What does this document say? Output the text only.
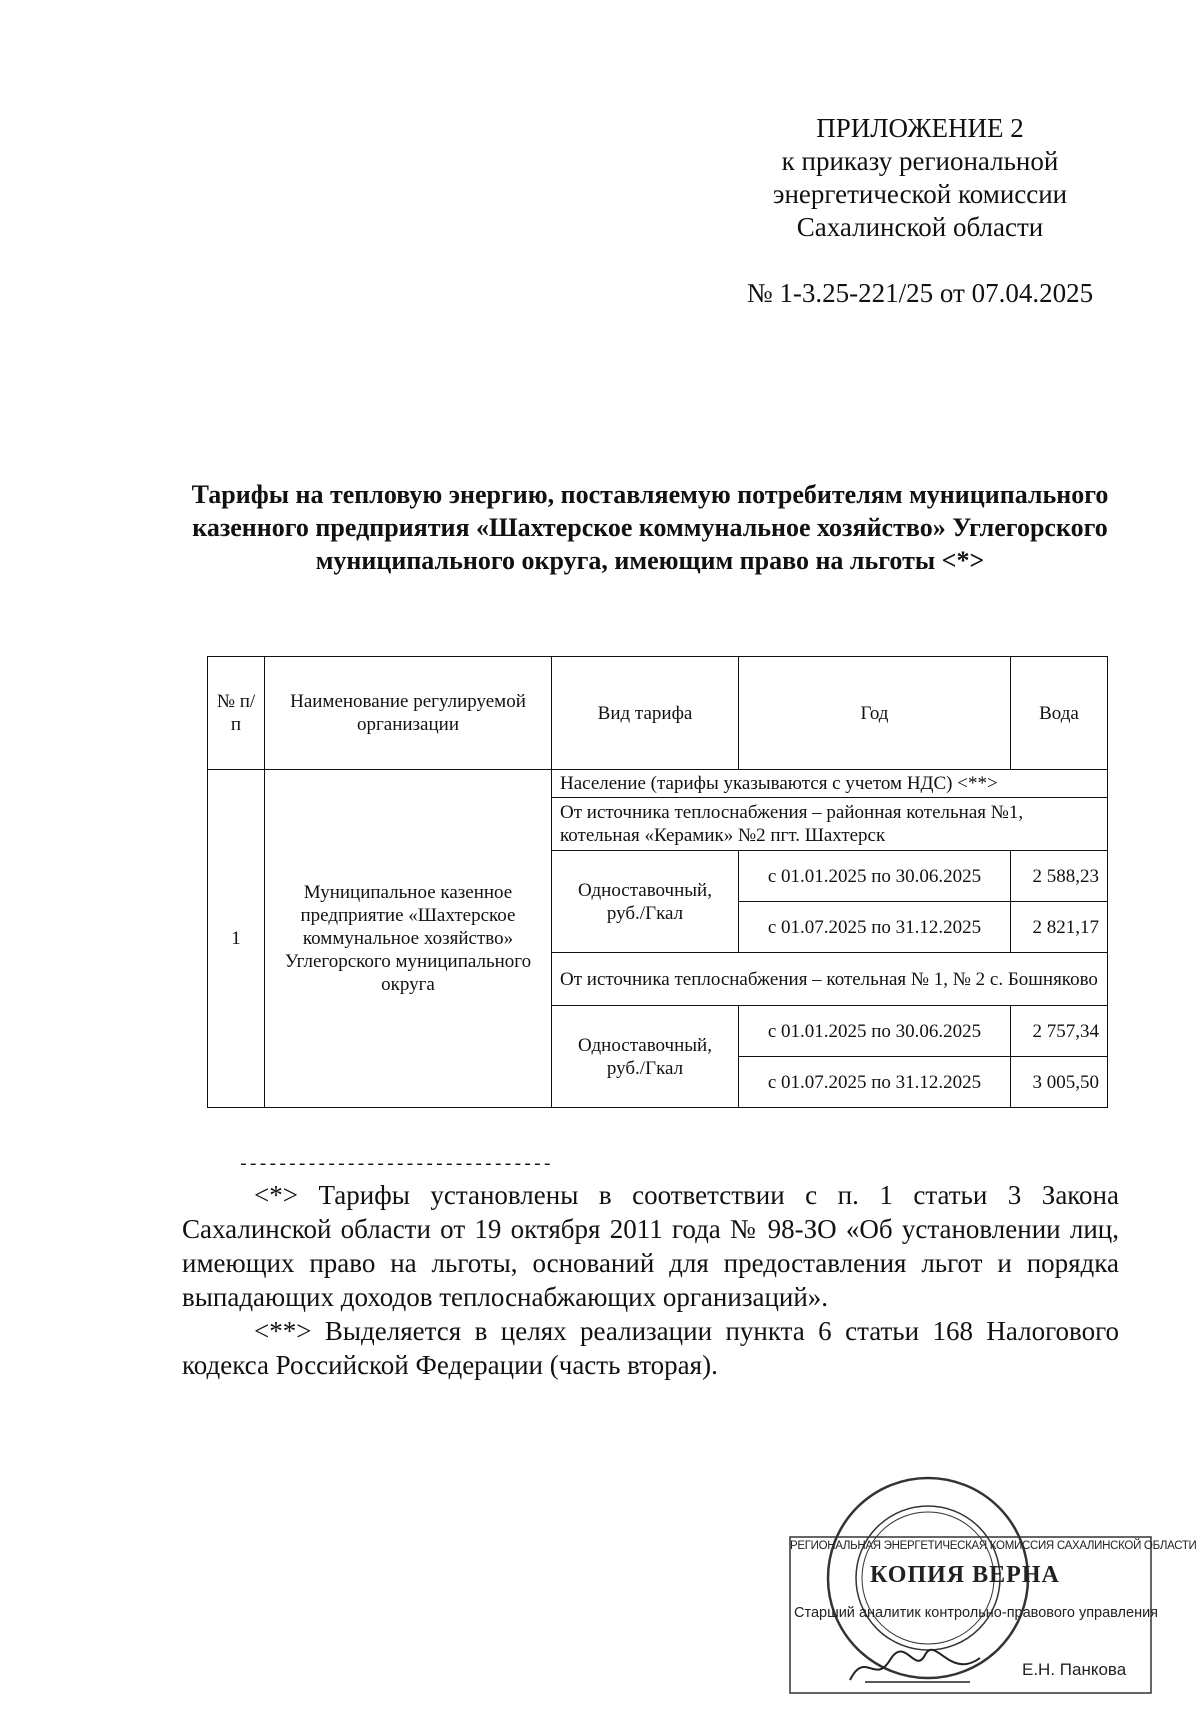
ПРИЛОЖЕНИЕ 2
к приказу региональной
энергетической комиссии
Сахалинской области
№ 1-3.25-221/25 от 07.04.2025
Тарифы на тепловую энергию, поставляемую потребителям муниципального казенного предприятия «Шахтерское коммунальное хозяйство» Углегорского муниципального округа, имеющим право на льготы <*>
№ п/п	Наименование регулируемой организации	Вид тарифа	Год	Вода
1	Муниципальное казенное предприятие «Шахтерское коммунальное хозяйство» Углегорского муниципального округа	Население (тарифы указываются с учетом НДС) <**>		
		От источника теплоснабжения – районная котельная №1, котельная «Керамик» №2 пгт. Шахтерск		
		Одноставочный, руб./Гкал	с 01.01.2025 по 30.06.2025	2 588,23
			с 01.07.2025 по 31.12.2025	2 821,17
		От источника теплоснабжения – котельная № 1, № 2 с. Бошняково		
		Одноставочный, руб./Гкал	с 01.01.2025 по 30.06.2025	2 757,34
			с 01.07.2025 по 31.12.2025	3 005,50
--------------------------------

<*> Тарифы установлены в соответствии с п. 1 статьи 3 Закона Сахалинской области от 19 октября 2011 года № 98-ЗО «Об установлении лиц, имеющих право на льготы, оснований для предоставления льгот и порядка выпадающих доходов теплоснабжающих организаций».

<**> Выделяется в целях реализации пункта 6 статьи 168 Налогового кодекса Российской Федерации (часть вторая).

РЕГИОНАЛЬНАЯ ЭНЕРГЕТИЧЕСКАЯ КОМИССИЯ САХАЛИНСКОЙ ОБЛАСТИ
КОПИЯ ВЕРНА
Старший аналитик контрольно-правового управления
Е.Н. Панкова
